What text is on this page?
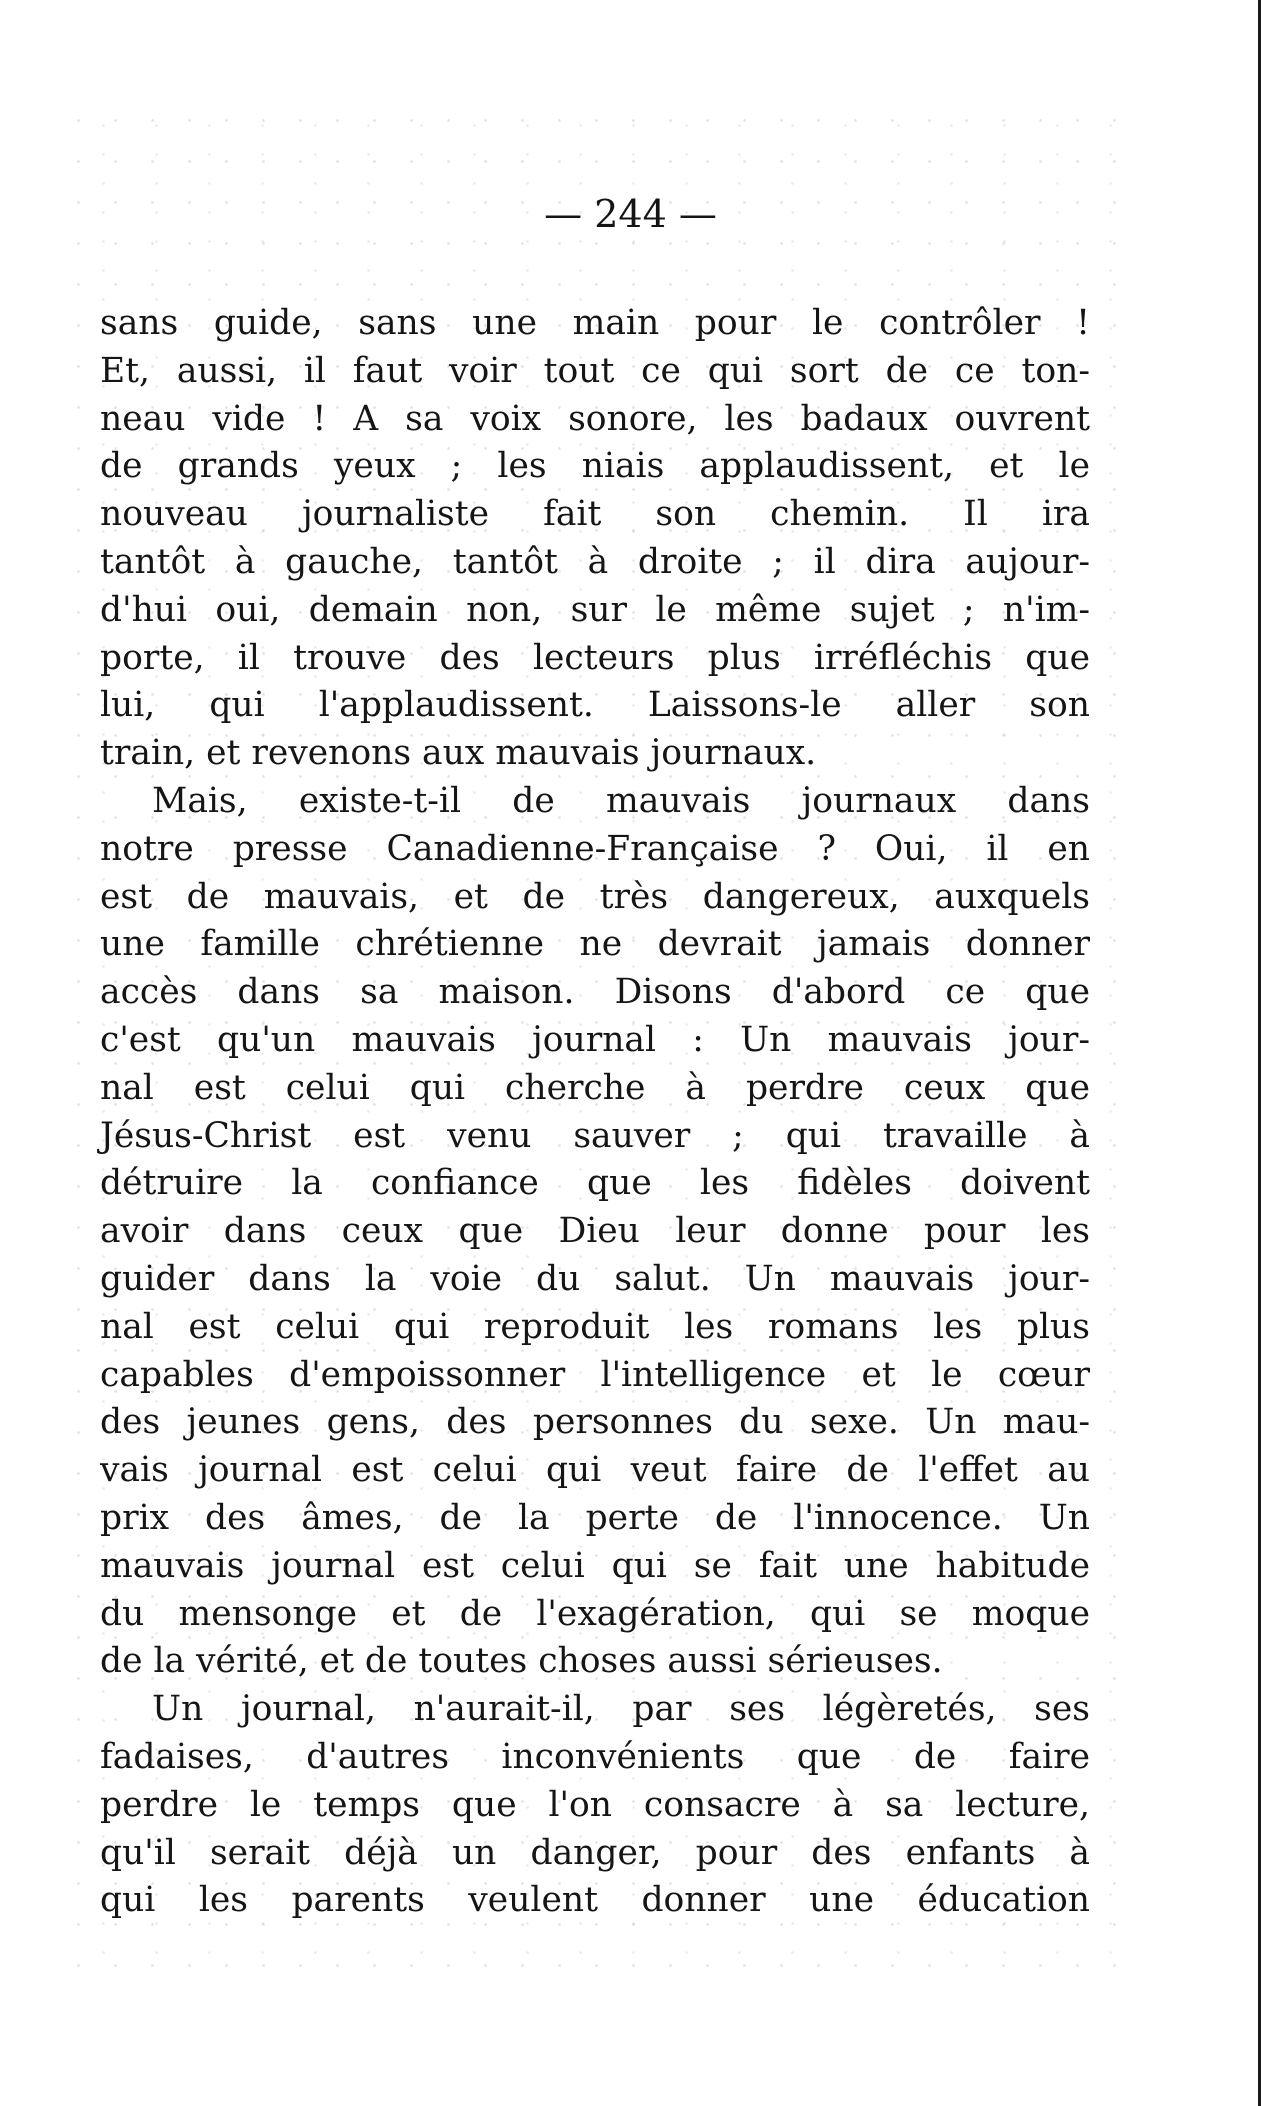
— 244 —
sans guide, sans une main pour le contrôler !
Et, aussi, il faut voir tout ce qui sort de ce ton-
neau vide ! A sa voix sonore, les badaux ouvrent
de grands yeux ; les niais applaudissent, et le
nouveau journaliste fait son chemin. Il ira
tantôt à gauche, tantôt à droite ; il dira aujour-
d'hui oui, demain non, sur le même sujet ; n'im-
porte, il trouve des lecteurs plus irréfléchis que
lui, qui l'applaudissent. Laissons-le aller son
train, et revenons aux mauvais journaux.
Mais, existe-t-il de mauvais journaux dans
notre presse Canadienne-Française ? Oui, il en
est de mauvais, et de très dangereux, auxquels
une famille chrétienne ne devrait jamais donner
accès dans sa maison. Disons d'abord ce que
c'est qu'un mauvais journal : Un mauvais jour-
nal est celui qui cherche à perdre ceux que
Jésus-Christ est venu sauver ; qui travaille à
détruire la confiance que les fidèles doivent
avoir dans ceux que Dieu leur donne pour les
guider dans la voie du salut. Un mauvais jour-
nal est celui qui reproduit les romans les plus
capables d'empoissonner l'intelligence et le cœur
des jeunes gens, des personnes du sexe. Un mau-
vais journal est celui qui veut faire de l'effet au
prix des âmes, de la perte de l'innocence. Un
mauvais journal est celui qui se fait une habitude
du mensonge et de l'exagération, qui se moque
de la vérité, et de toutes choses aussi sérieuses.
Un journal, n'aurait-il, par ses légèretés, ses
fadaises, d'autres inconvénients que de faire
perdre le temps que l'on consacre à sa lecture,
qu'il serait déjà un danger, pour des enfants à
qui les parents veulent donner une éducation
